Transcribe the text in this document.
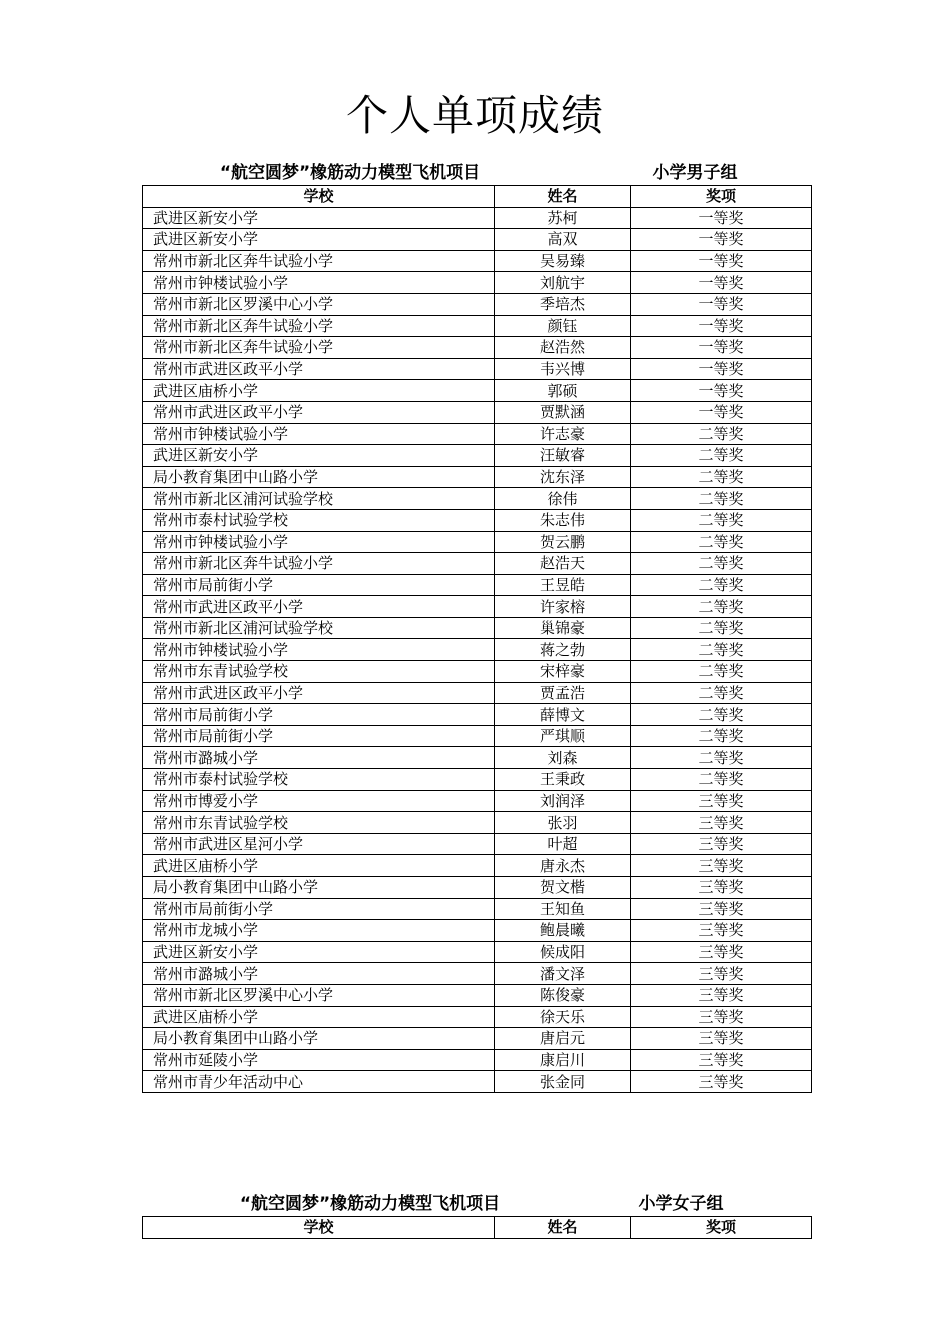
个人单项成绩
“航空圆梦”橡筋动力模型飞机项目	小学男子组
学校	姓名	奖项
武进区新安小学	苏柯	一等奖
武进区新安小学	高双	一等奖
常州市新北区奔牛试验小学	吴易臻	一等奖
常州市钟楼试验小学	刘航宇	一等奖
常州市新北区罗溪中心小学	季培杰	一等奖
常州市新北区奔牛试验小学	颜钰	一等奖
常州市新北区奔牛试验小学	赵浩然	一等奖
常州市武进区政平小学	韦兴博	一等奖
武进区庙桥小学	郭硕	一等奖
常州市武进区政平小学	贾默涵	一等奖
常州市钟楼试验小学	许志豪	二等奖
武进区新安小学	汪敏睿	二等奖
局小教育集团中山路小学	沈东泽	二等奖
常州市新北区浦河试验学校	徐伟	二等奖
常州市泰村试验学校	朱志伟	二等奖
常州市钟楼试验小学	贺云鹏	二等奖
常州市新北区奔牛试验小学	赵浩天	二等奖
常州市局前街小学	王昱皓	二等奖
常州市武进区政平小学	许家榕	二等奖
常州市新北区浦河试验学校	巢锦豪	二等奖
常州市钟楼试验小学	蒋之勃	二等奖
常州市东青试验学校	宋梓豪	二等奖
常州市武进区政平小学	贾孟浩	二等奖
常州市局前街小学	薛博文	二等奖
常州市局前街小学	严琪顺	二等奖
常州市潞城小学	刘森	二等奖
常州市泰村试验学校	王秉政	二等奖
常州市博爱小学	刘润泽	三等奖
常州市东青试验学校	张羽	三等奖
常州市武进区星河小学	叶超	三等奖
武进区庙桥小学	唐永杰	三等奖
局小教育集团中山路小学	贺文楷	三等奖
常州市局前街小学	王知鱼	三等奖
常州市龙城小学	鲍晨曦	三等奖
武进区新安小学	候成阳	三等奖
常州市潞城小学	潘文泽	三等奖
常州市新北区罗溪中心小学	陈俊豪	三等奖
武进区庙桥小学	徐天乐	三等奖
局小教育集团中山路小学	唐启元	三等奖
常州市延陵小学	康启川	三等奖
常州市青少年活动中心	张金同	三等奖
“航空圆梦”橡筋动力模型飞机项目	小学女子组
学校	姓名	奖项
